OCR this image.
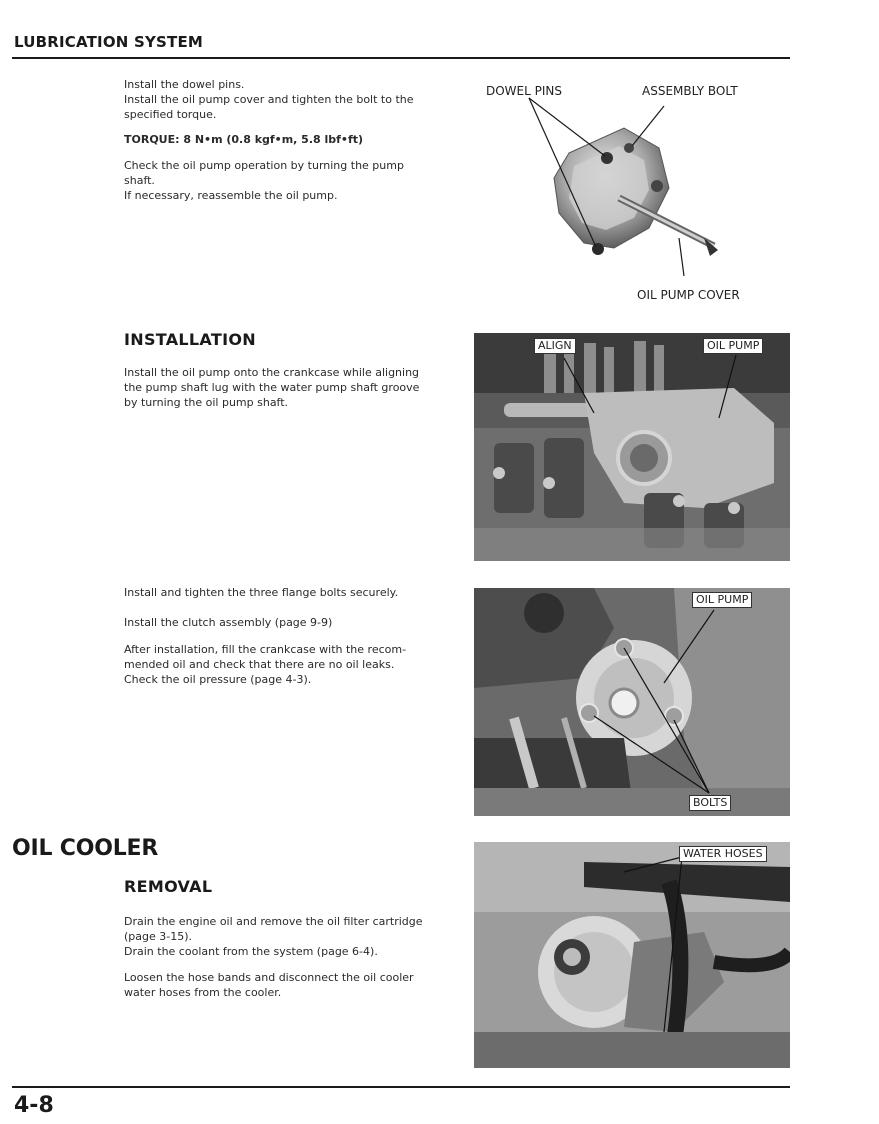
LUBRICATION SYSTEM

Install the dowel pins.

Install the oil pump cover and tighten the bolt to the

specified torque.

TORQUE: 8 N•m (0.8 kgf•m, 5.8 lbf•ft)

Check the oil pump operation by turning the pump

shaft.

If necessary, reassemble the oil pump.

DOWEL PINS	ASSEMBLY BOLT
OIL PUMP COVER
INSTALLATION

Install the oil pump onto the crankcase while aligning

the pump shaft lug with the water pump shaft groove

by turning the oil pump shaft.

ALIGN	OIL PUMP

Install and tighten the three flange bolts securely.

Install the clutch assembly (page 9-9)

After installation, fill the crankcase with the recom-

mended oil and check that there are no oil leaks.

Check the oil pressure (page 4-3).

OIL PUMP
BOLTS
OIL COOLER
REMOVAL

Drain the engine oil and remove the oil filter cartridge

(page 3-15).

Drain the coolant from the system (page 6-4).

Loosen the hose bands and disconnect the oil cooler

water hoses from the cooler.

WATER HOSES
4-8
